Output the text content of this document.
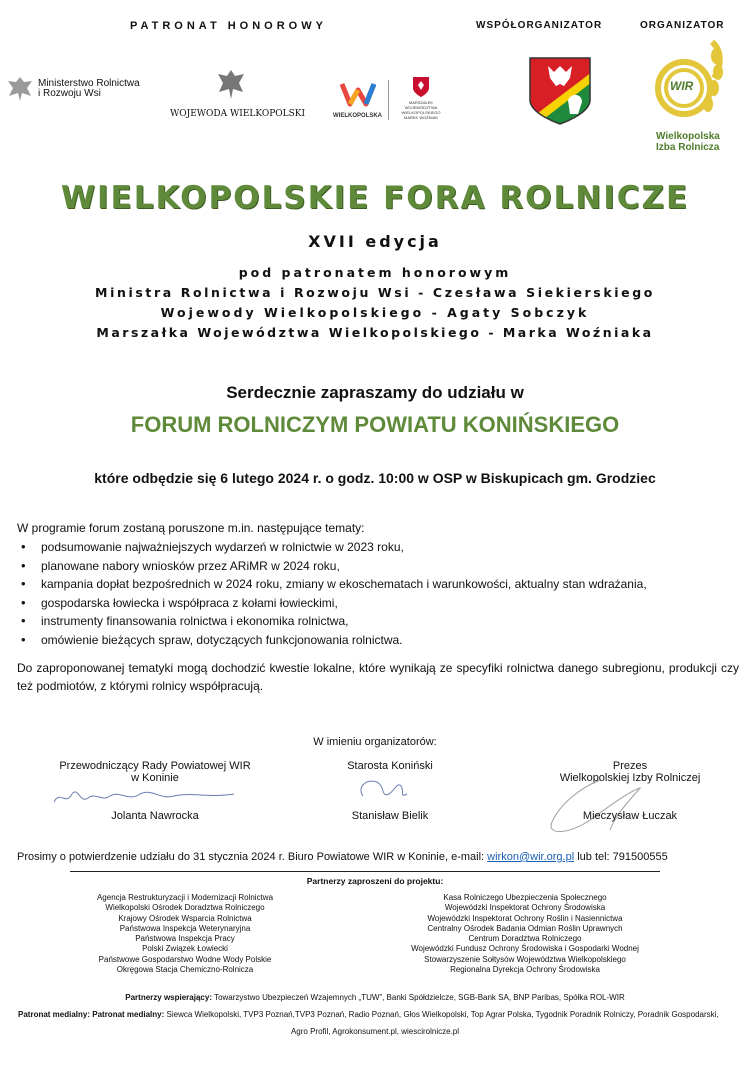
PATRONAT HONOROWY	WSPÓŁORGANIZATOR	ORGANIZATOR
Ministerstwo Rolnictwa
i Rozwoju Wsi
WOJEWODA WIELKOPOLSKI	WIELKOPOLSKA
MARSZAŁEK
WOJEWÓDZTWA
WIELKOPOLSKIEGO
MAREK WOŹNIAK
WIR
Wielkopolska
Izba Rolnicza
WIELKOPOLSKIE FORA ROLNICZE
XVII edycja
pod patronatem honorowym
Ministra Rolnictwa i Rozwoju Wsi - Czesława Siekierskiego
Wojewody Wielkopolskiego - Agaty Sobczyk
Marszałka Województwa Wielkopolskiego - Marka Woźniaka
Serdecznie zapraszamy do udziału w
FORUM ROLNICZYM POWIATU KONIŃSKIEGO
które odbędzie się 6 lutego 2024 r. o godz. 10:00 w OSP w Biskupicach gm. Grodziec
W programie forum zostaną poruszone m.in. następujące tematy:
• podsumowanie najważniejszych wydarzeń w rolnictwie w 2023 roku,
• planowane nabory wniosków przez ARiMR w 2024 roku,
• kampania dopłat bezpośrednich w 2024 roku, zmiany w ekoschematach i warunkowości, aktualny stan wdrażania,
• gospodarska łowiecka i współpraca z kołami łowieckimi,
• instrumenty finansowania rolnictwa i ekonomika rolnictwa,
• omówienie bieżących spraw, dotyczących funkcjonowania rolnictwa.
Do zaproponowanej tematyki mogą dochodzić kwestie lokalne, które wynikają ze specyfiki rolnictwa danego subregionu, produkcji czy też podmiotów, z którymi rolnicy współpracują.
W imieniu organizatorów:
Przewodniczący Rady Powiatowej WIR
w Koninie
Jolanta Nawrocka
Starosta Koniński
Stanisław Bielik
Prezes
Wielkopolskiej Izby Rolniczej
Mieczysław Łuczak
Prosimy o potwierdzenie udziału do 31 stycznia 2024 r. Biuro Powiatowe WIR w Koninie, e-mail: wirkon@wir.org.pl lub tel: 791500555
Partnerzy zaproszeni do projektu:
Agencja Restrukturyzacji i Modernizacji Rolnictwa
Wielkopolski Ośrodek Doradztwa Rolniczego
Krajowy Ośrodek Wsparcia Rolnictwa
Państwowa Inspekcja Weterynaryjna
Państwowa Inspekcja Pracy
Polski Związek Łowiecki
Państwowe Gospodarstwo Wodne Wody Polskie
Okręgowa Stacja Chemiczno-Rolnicza
Kasa Rolniczego Ubezpieczenia Społecznego
Wojewódzki Inspektorat Ochrony Środowiska
Wojewódzki Inspektorat Ochrony Roślin i Nasiennictwa
Centralny Ośrodek Badania Odmian Roślin Uprawnych
Centrum Doradztwa Rolniczego
Wojewódzki Fundusz Ochrony Środowiska i Gospodarki Wodnej
Stowarzyszenie Sołtysów Województwa Wielkopolskiego
Regionalna Dyrekcja Ochrony Środowiska
Partnerzy wspierający: Towarzystwo Ubezpieczeń Wzajemnych „TUW”, Banki Spółdzielcze, SGB-Bank SA, BNP Paribas, Spółka ROL-WIR
Patronat medialny: Patronat medialny: Siewca Wielkopolski, TVP3 Poznań,TVP3 Poznań, Radio Poznań, Głos Wielkopolski, Top Agrar Polska, Tygodnik Poradnik Rolniczy, Poradnik Gospodarski,
Agro Profil, Agrokonsument.pl, wiescirolnicze.pl
